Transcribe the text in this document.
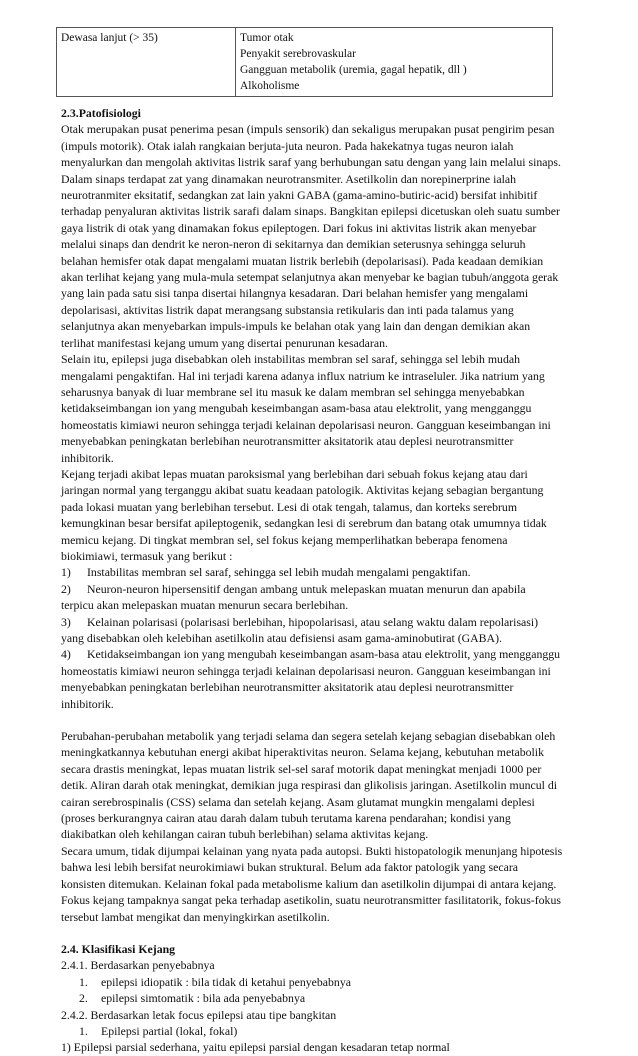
Dewasa lanjut (> 35)	Tumor otak
Penyakit serebrovaskular
Gangguan metabolik (uremia, gagal hepatik, dll )
Alkoholisme

2.3.Patofisiologi

Otak merupakan pusat penerima pesan (impuls sensorik) dan sekaligus merupakan pusat pengirim pesan

(impuls motorik). Otak ialah rangkaian berjuta-juta neuron. Pada hakekatnya tugas neuron ialah

menyalurkan dan mengolah aktivitas listrik saraf yang berhubungan satu dengan yang lain melalui sinaps.

Dalam sinaps terdapat zat yang dinamakan neurotransmiter. Asetilkolin dan norepinerprine ialah

neurotranmiter eksitatif, sedangkan zat lain yakni GABA (gama-amino-butiric-acid) bersifat inhibitif

terhadap penyaluran aktivitas listrik sarafi dalam sinaps. Bangkitan epilepsi dicetuskan oleh suatu sumber

gaya listrik di otak yang dinamakan fokus epileptogen. Dari fokus ini aktivitas listrik akan menyebar

melalui sinaps dan dendrit ke neron-neron di sekitarnya dan demikian seterusnya sehingga seluruh

belahan hemisfer otak dapat mengalami muatan listrik berlebih (depolarisasi). Pada keadaan demikian

akan terlihat kejang yang mula-mula setempat selanjutnya akan menyebar ke bagian tubuh/anggota gerak

yang lain pada satu sisi tanpa disertai hilangnya kesadaran. Dari belahan hemisfer yang mengalami

depolarisasi, aktivitas listrik dapat merangsang substansia retikularis dan inti pada talamus yang

selanjutnya akan menyebarkan impuls-impuls ke belahan otak yang lain dan dengan demikian akan

terlihat manifestasi kejang umum yang disertai penurunan kesadaran.

Selain itu, epilepsi juga disebabkan oleh instabilitas membran sel saraf, sehingga sel lebih mudah

mengalami pengaktifan. Hal ini terjadi karena adanya influx natrium ke intraseluler. Jika natrium yang

seharusnya banyak di luar membrane sel itu masuk ke dalam membran sel sehingga menyebabkan

ketidakseimbangan ion yang mengubah keseimbangan asam-basa atau elektrolit, yang mengganggu

homeostatis kimiawi neuron sehingga terjadi kelainan depolarisasi neuron. Gangguan keseimbangan ini

menyebabkan peningkatan berlebihan neurotransmitter aksitatorik atau deplesi neurotransmitter

inhibitorik.

Kejang terjadi akibat lepas muatan paroksismal yang berlebihan dari sebuah fokus kejang atau dari

jaringan normal yang terganggu akibat suatu keadaan patologik. Aktivitas kejang sebagian bergantung

pada lokasi muatan yang berlebihan tersebut. Lesi di otak tengah, talamus, dan korteks serebrum

kemungkinan besar bersifat apileptogenik, sedangkan lesi di serebrum dan batang otak umumnya tidak

memicu kejang. Di tingkat membran sel, sel fokus kejang memperlihatkan beberapa fenomena

biokimiawi, termasuk yang berikut :

1)	Instabilitas membran sel saraf, sehingga sel lebih mudah mengalami pengaktifan.
2)	Neuron-neuron hipersensitif dengan ambang untuk melepaskan muatan menurun dan apabila

terpicu akan melepaskan muatan menurun secara berlebihan.

3)	Kelainan polarisasi (polarisasi berlebihan, hipopolarisasi, atau selang waktu dalam repolarisasi)

yang disebabkan oleh kelebihan asetilkolin atau defisiensi asam gama-aminobutirat (GABA).

4)	Ketidakseimbangan ion yang mengubah keseimbangan asam-basa atau elektrolit, yang mengganggu

homeostatis kimiawi neuron sehingga terjadi kelainan depolarisasi neuron. Gangguan keseimbangan ini

menyebabkan peningkatan berlebihan neurotransmitter aksitatorik atau deplesi neurotransmitter

inhibitorik.

Perubahan-perubahan metabolik yang terjadi selama dan segera setelah kejang sebagian disebabkan oleh

meningkatkannya kebutuhan energi akibat hiperaktivitas neuron. Selama kejang, kebutuhan metabolik

secara drastis meningkat, lepas muatan listrik sel-sel saraf motorik dapat meningkat menjadi 1000 per

detik. Aliran darah otak meningkat, demikian juga respirasi dan glikolisis jaringan. Asetilkolin muncul di

cairan serebrospinalis (CSS) selama dan setelah kejang. Asam glutamat mungkin mengalami deplesi

(proses berkurangnya cairan atau darah dalam tubuh terutama karena pendarahan; kondisi yang

diakibatkan oleh kehilangan cairan tubuh berlebihan) selama aktivitas kejang.

Secara umum, tidak dijumpai kelainan yang nyata pada autopsi. Bukti histopatologik menunjang hipotesis

bahwa lesi lebih bersifat neurokimiawi bukan struktural. Belum ada faktor patologik yang secara

konsisten ditemukan. Kelainan fokal pada metabolisme kalium dan asetilkolin dijumpai di antara kejang.

Fokus kejang tampaknya sangat peka terhadap asetikolin, suatu neurotransmitter fasilitatorik, fokus-fokus

tersebut lambat mengikat dan menyingkirkan asetilkolin.

2.4. Klasifikasi Kejang

2.4.1. Berdasarkan penyebabnya

1.	epilepsi idiopatik : bila tidak di ketahui penyebabnya
2.	epilepsi simtomatik : bila ada penyebabnya

2.4.2. Berdasarkan letak focus epilepsi atau tipe bangkitan

1.	Epilepsi partial (lokal, fokal)

1) Epilepsi parsial sederhana, yaitu epilepsi parsial dengan kesadaran tetap normal
